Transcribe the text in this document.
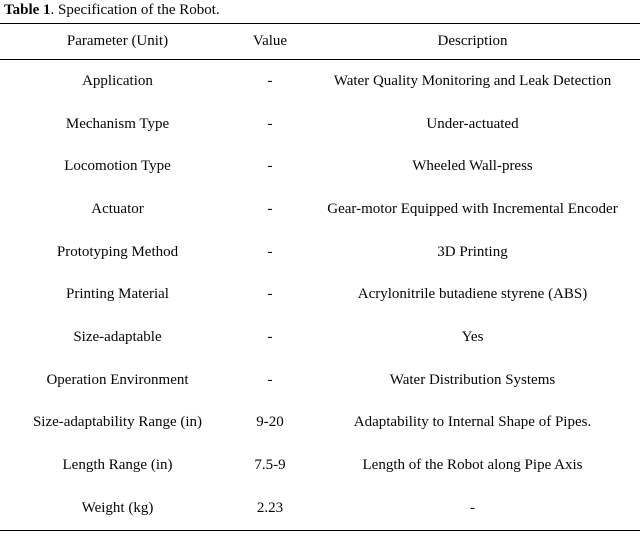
Table 1. Specification of the Robot.
Parameter (Unit)	Value	Description
Application	-	Water Quality Monitoring and Leak Detection
Mechanism Type	-	Under-actuated
Locomotion Type	-	Wheeled Wall-press
Actuator	-	Gear-motor Equipped with Incremental Encoder
Prototyping Method	-	3D Printing
Printing Material	-	Acrylonitrile butadiene styrene (ABS)
Size-adaptable	-	Yes
Operation Environment	-	Water Distribution Systems
Size-adaptability Range (in)	9-20	Adaptability to Internal Shape of Pipes.
Length Range (in)	7.5-9	Length of the Robot along Pipe Axis
Weight (kg)	2.23	-
